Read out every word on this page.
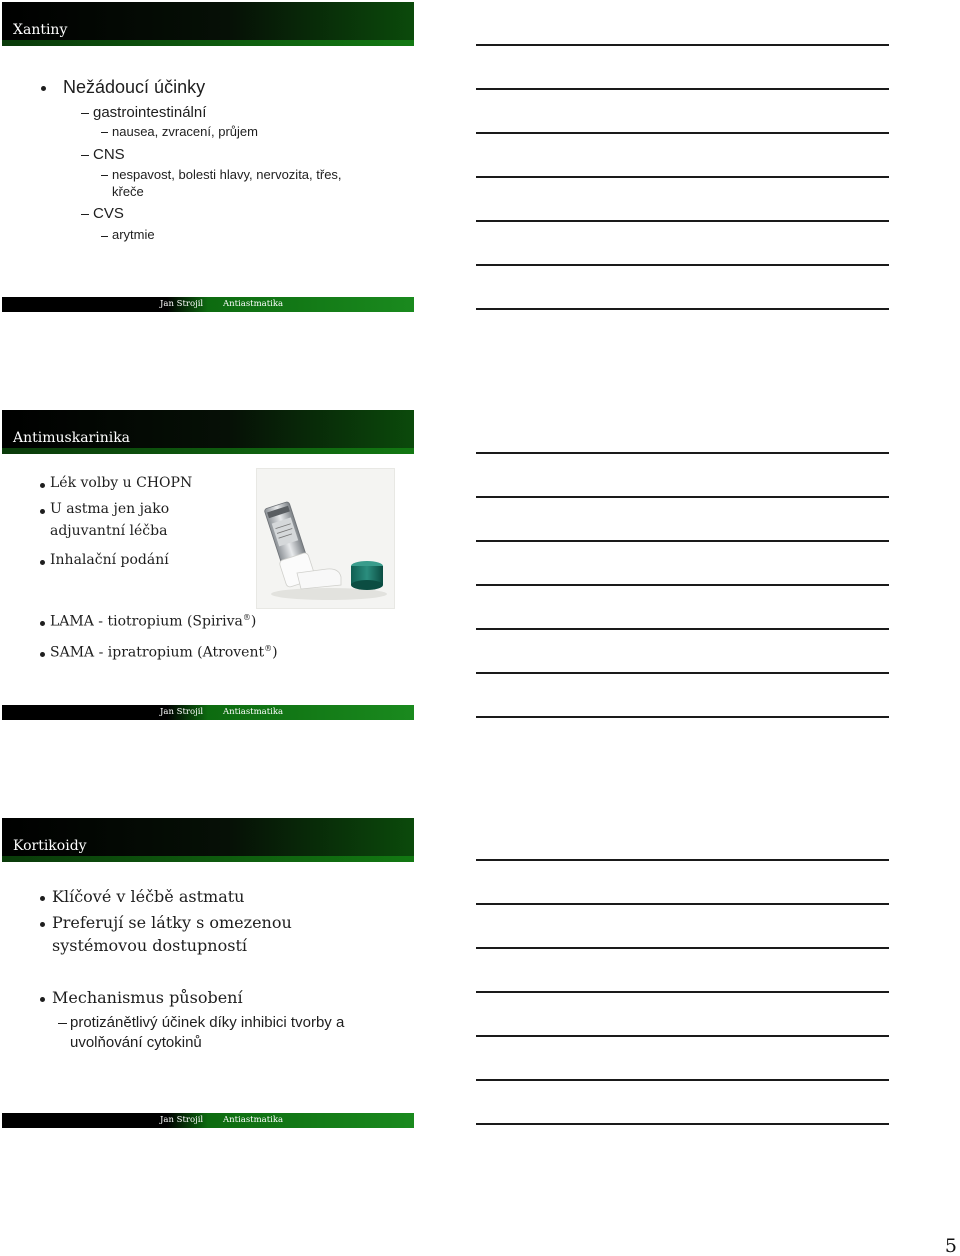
Xantiny
Nežádoucí účinky
gastrointestinální
nausea, zvracení, průjem
CNS
nespavost, bolesti hlavy, nervozita, třes,
křeče
CVS
arytmie
Jan Strojil Antiastmatika
Antimuskarinika
Lék volby u CHOPN
U astma jen jako
adjuvantní léčba
Inhalační podání
LAMA - tiotropium (Spiriva®)
SAMA - ipratropium (Atrovent®)
Jan Strojil Antiastmatika
Kortikoidy
Klíčové v léčbě astmatu
Preferují se látky s omezenou
systémovou dostupností
Mechanismus působení
protizánětlivý účinek díky inhibici tvorby a
uvolňování cytokinů
Jan Strojil Antiastmatika
5
